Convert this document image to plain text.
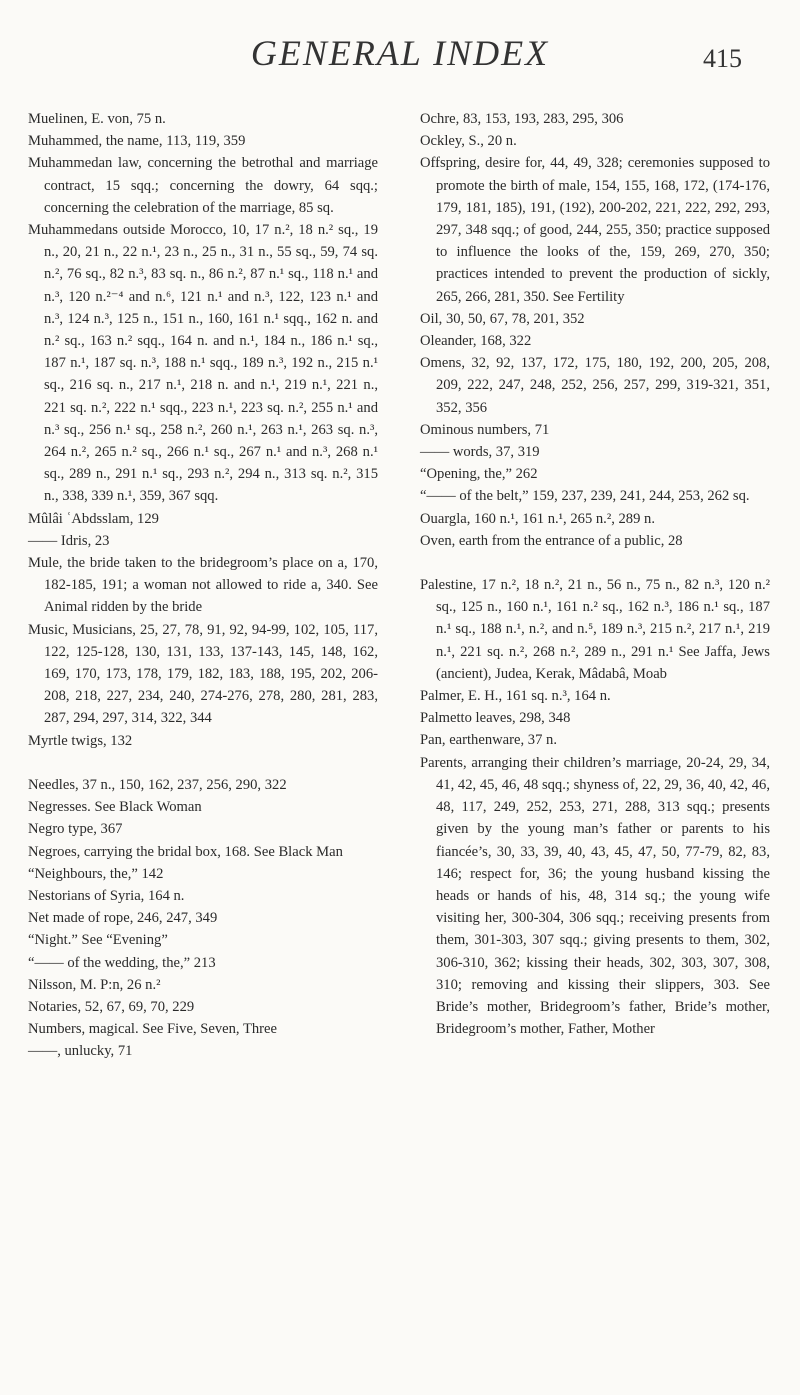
GENERAL INDEX	415

Muelinen, E. von, 75 n.

Muhammed, the name, 113, 119, 359

Muhammedan law, concerning the betrothal and marriage contract, 15 sqq.; concerning the dowry, 64 sqq.; concerning the celebration of the marriage, 85 sq.

Muhammedans outside Morocco, 10, 17 n.², 18 n.² sq., 19 n., 20, 21 n., 22 n.¹, 23 n., 25 n., 31 n., 55 sq., 59, 74 sq. n.², 76 sq., 82 n.³, 83 sq. n., 86 n.², 87 n.¹ sq., 118 n.¹ and n.³, 120 n.²⁻⁴ and n.⁶, 121 n.¹ and n.³, 122, 123 n.¹ and n.³, 124 n.³, 125 n., 151 n., 160, 161 n.¹ sqq., 162 n. and n.² sq., 163 n.² sqq., 164 n. and n.¹, 184 n., 186 n.¹ sq., 187 n.¹, 187 sq. n.³, 188 n.¹ sqq., 189 n.³, 192 n., 215 n.¹ sq., 216 sq. n., 217 n.¹, 218 n. and n.¹, 219 n.¹, 221 n., 221 sq. n.², 222 n.¹ sqq., 223 n.¹, 223 sq. n.², 255 n.¹ and n.³ sq., 256 n.¹ sq., 258 n.², 260 n.¹, 263 n.¹, 263 sq. n.³, 264 n.², 265 n.² sq., 266 n.¹ sq., 267 n.¹ and n.³, 268 n.¹ sq., 289 n., 291 n.¹ sq., 293 n.², 294 n., 313 sq. n.², 315 n., 338, 339 n.¹, 359, 367 sqq.

Mûlâi ʿAbdsslam, 129

—— Idris, 23

Mule, the bride taken to the bridegroom’s place on a, 170, 182-185, 191; a woman not allowed to ride a, 340. See Animal ridden by the bride

Music, Musicians, 25, 27, 78, 91, 92, 94-99, 102, 105, 117, 122, 125-128, 130, 131, 133, 137-143, 145, 148, 162, 169, 170, 173, 178, 179, 182, 183, 188, 195, 202, 206-208, 218, 227, 234, 240, 274-276, 278, 280, 281, 283, 287, 294, 297, 314, 322, 344

Myrtle twigs, 132

Needles, 37 n., 150, 162, 237, 256, 290, 322

Negresses. See Black Woman

Negro type, 367

Negroes, carrying the bridal box, 168. See Black Man

“Neighbours, the,” 142

Nestorians of Syria, 164 n.

Net made of rope, 246, 247, 349

“Night.” See “Evening”

“—— of the wedding, the,” 213

Nilsson, M. P:n, 26 n.²

Notaries, 52, 67, 69, 70, 229

Numbers, magical. See Five, Seven, Three

——, unlucky, 71

Ochre, 83, 153, 193, 283, 295, 306

Ockley, S., 20 n.

Offspring, desire for, 44, 49, 328; ceremonies supposed to promote the birth of male, 154, 155, 168, 172, (174-176, 179, 181, 185), 191, (192), 200-202, 221, 222, 292, 293, 297, 348 sqq.; of good, 244, 255, 350; practice supposed to influence the looks of the, 159, 269, 270, 350; practices intended to prevent the production of sickly, 265, 266, 281, 350. See Fertility

Oil, 30, 50, 67, 78, 201, 352

Oleander, 168, 322

Omens, 32, 92, 137, 172, 175, 180, 192, 200, 205, 208, 209, 222, 247, 248, 252, 256, 257, 299, 319-321, 351, 352, 356

Ominous numbers, 71

—— words, 37, 319

“Opening, the,” 262

“—— of the belt,” 159, 237, 239, 241, 244, 253, 262 sq.

Ouargla, 160 n.¹, 161 n.¹, 265 n.², 289 n.

Oven, earth from the entrance of a public, 28

Palestine, 17 n.², 18 n.², 21 n., 56 n., 75 n., 82 n.³, 120 n.² sq., 125 n., 160 n.¹, 161 n.² sq., 162 n.³, 186 n.¹ sq., 187 n.¹ sq., 188 n.¹, n.², and n.⁵, 189 n.³, 215 n.², 217 n.¹, 219 n.¹, 221 sq. n.², 268 n.², 289 n., 291 n.¹ See Jaffa, Jews (ancient), Judea, Kerak, Mâdabâ, Moab

Palmer, E. H., 161 sq. n.³, 164 n.

Palmetto leaves, 298, 348

Pan, earthenware, 37 n.

Parents, arranging their children’s marriage, 20-24, 29, 34, 41, 42, 45, 46, 48 sqq.; shyness of, 22, 29, 36, 40, 42, 46, 48, 117, 249, 252, 253, 271, 288, 313 sqq.; presents given by the young man’s father or parents to his fiancée’s, 30, 33, 39, 40, 43, 45, 47, 50, 77-79, 82, 83, 146; respect for, 36; the young husband kissing the heads or hands of his, 48, 314 sq.; the young wife visiting her, 300-304, 306 sqq.; receiving presents from them, 301-303, 307 sqq.; giving presents to them, 302, 306-310, 362; kissing their heads, 302, 303, 307, 308, 310; removing and kissing their slippers, 303. See Bride’s mother, Bridegroom’s father, Bride’s mother, Bridegroom’s mother, Father, Mother
